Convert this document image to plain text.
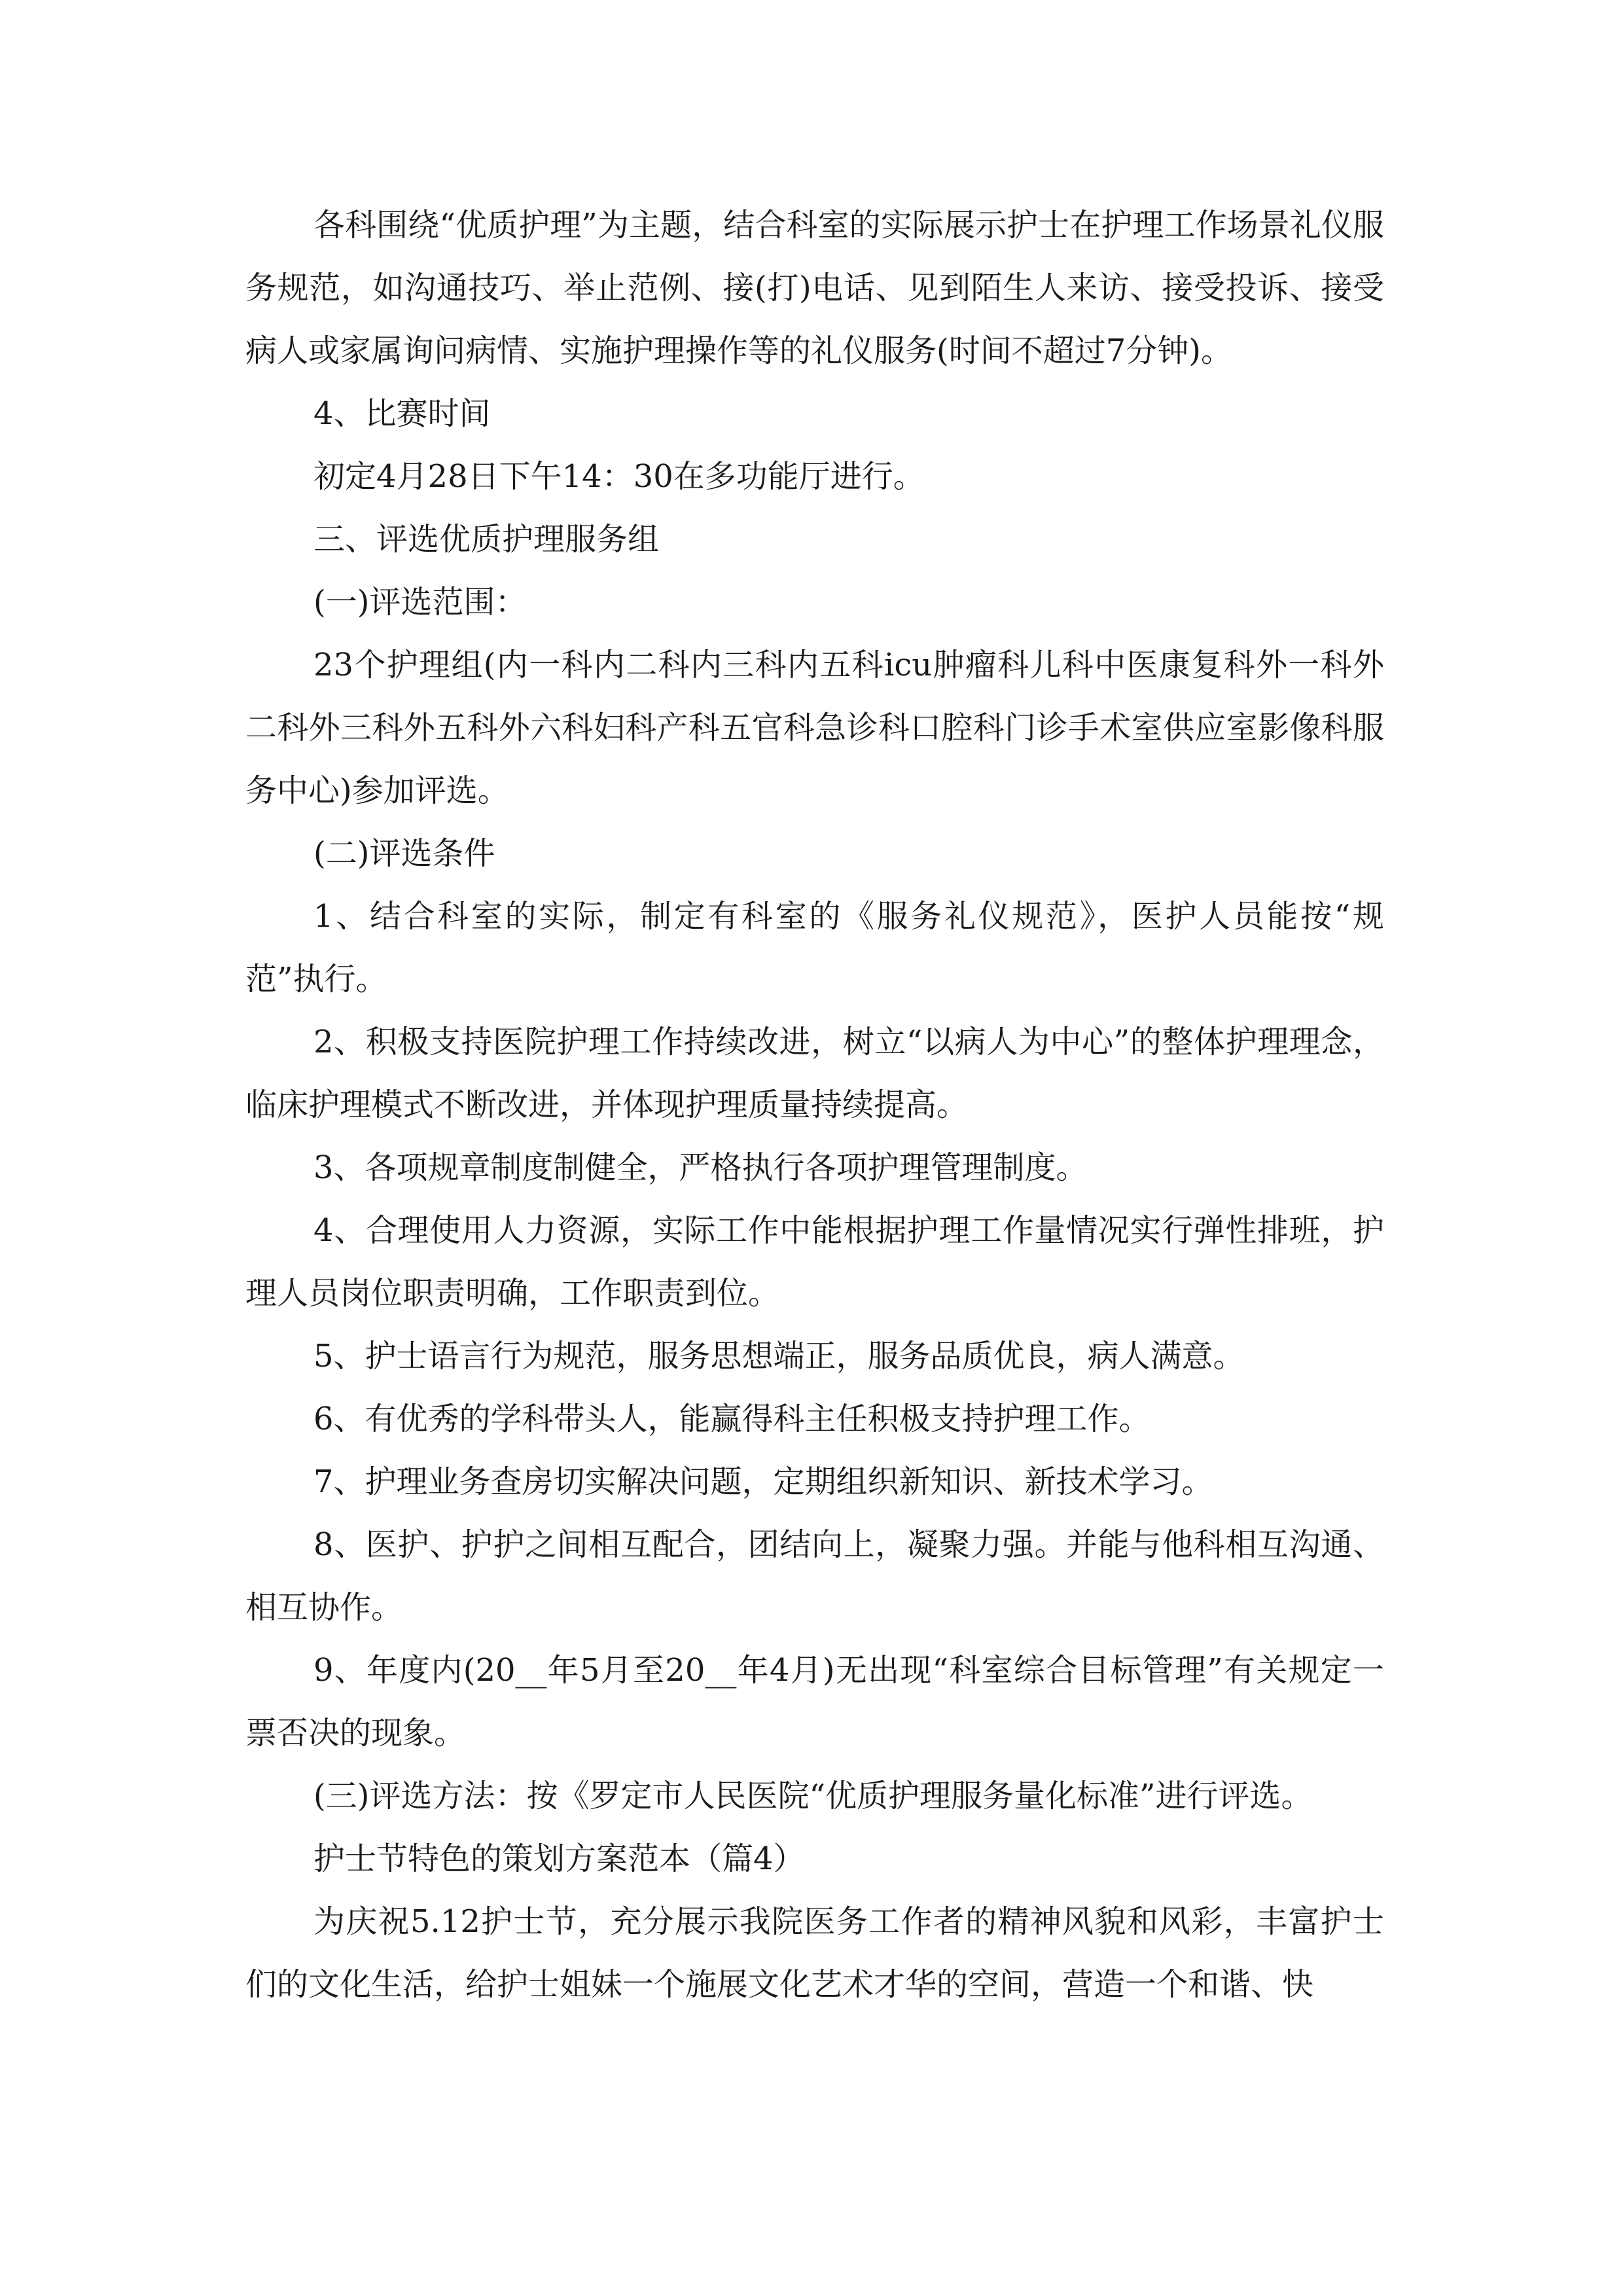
各科围绕“优质护理”为主题，结合科室的实际展示护士在护理工作场景礼仪服务规范，如沟通技巧、举止范例、接(打)电话、见到陌生人来访、接受投诉、接受病人或家属询问病情、实施护理操作等的礼仪服务(时间不超过7分钟)。

4、比赛时间

初定4月28日下午14：30在多功能厅进行。

三、评选优质护理服务组

(一)评选范围：

23个护理组(内一科内二科内三科内五科icu肿瘤科儿科中医康复科外一科外二科外三科外五科外六科妇科产科五官科急诊科口腔科门诊手术室供应室影像科服务中心)参加评选。

(二)评选条件

1、结合科室的实际，制定有科室的《服务礼仪规范》，医护人员能按“规范”执行。

2、积极支持医院护理工作持续改进，树立“以病人为中心”的整体护理理念，临床护理模式不断改进，并体现护理质量持续提高。

3、各项规章制度制健全，严格执行各项护理管理制度。

4、合理使用人力资源，实际工作中能根据护理工作量情况实行弹性排班，护理人员岗位职责明确，工作职责到位。

5、护士语言行为规范，服务思想端正，服务品质优良，病人满意。

6、有优秀的学科带头人，能赢得科主任积极支持护理工作。

7、护理业务查房切实解决问题，定期组织新知识、新技术学习。

8、医护、护护之间相互配合，团结向上，凝聚力强。并能与他科相互沟通、相互协作。

9、年度内(20__年5月至20__年4月)无出现“科室综合目标管理”有关规定一票否决的现象。

(三)评选方法：按《罗定市人民医院“优质护理服务量化标准”进行评选。

护士节特色的策划方案范本（篇4）

为庆祝5.12护士节，充分展示我院医务工作者的精神风貌和风彩，丰富护士们的文化生活，给护士姐妹一个施展文化艺术才华的空间，营造一个和谐、快
